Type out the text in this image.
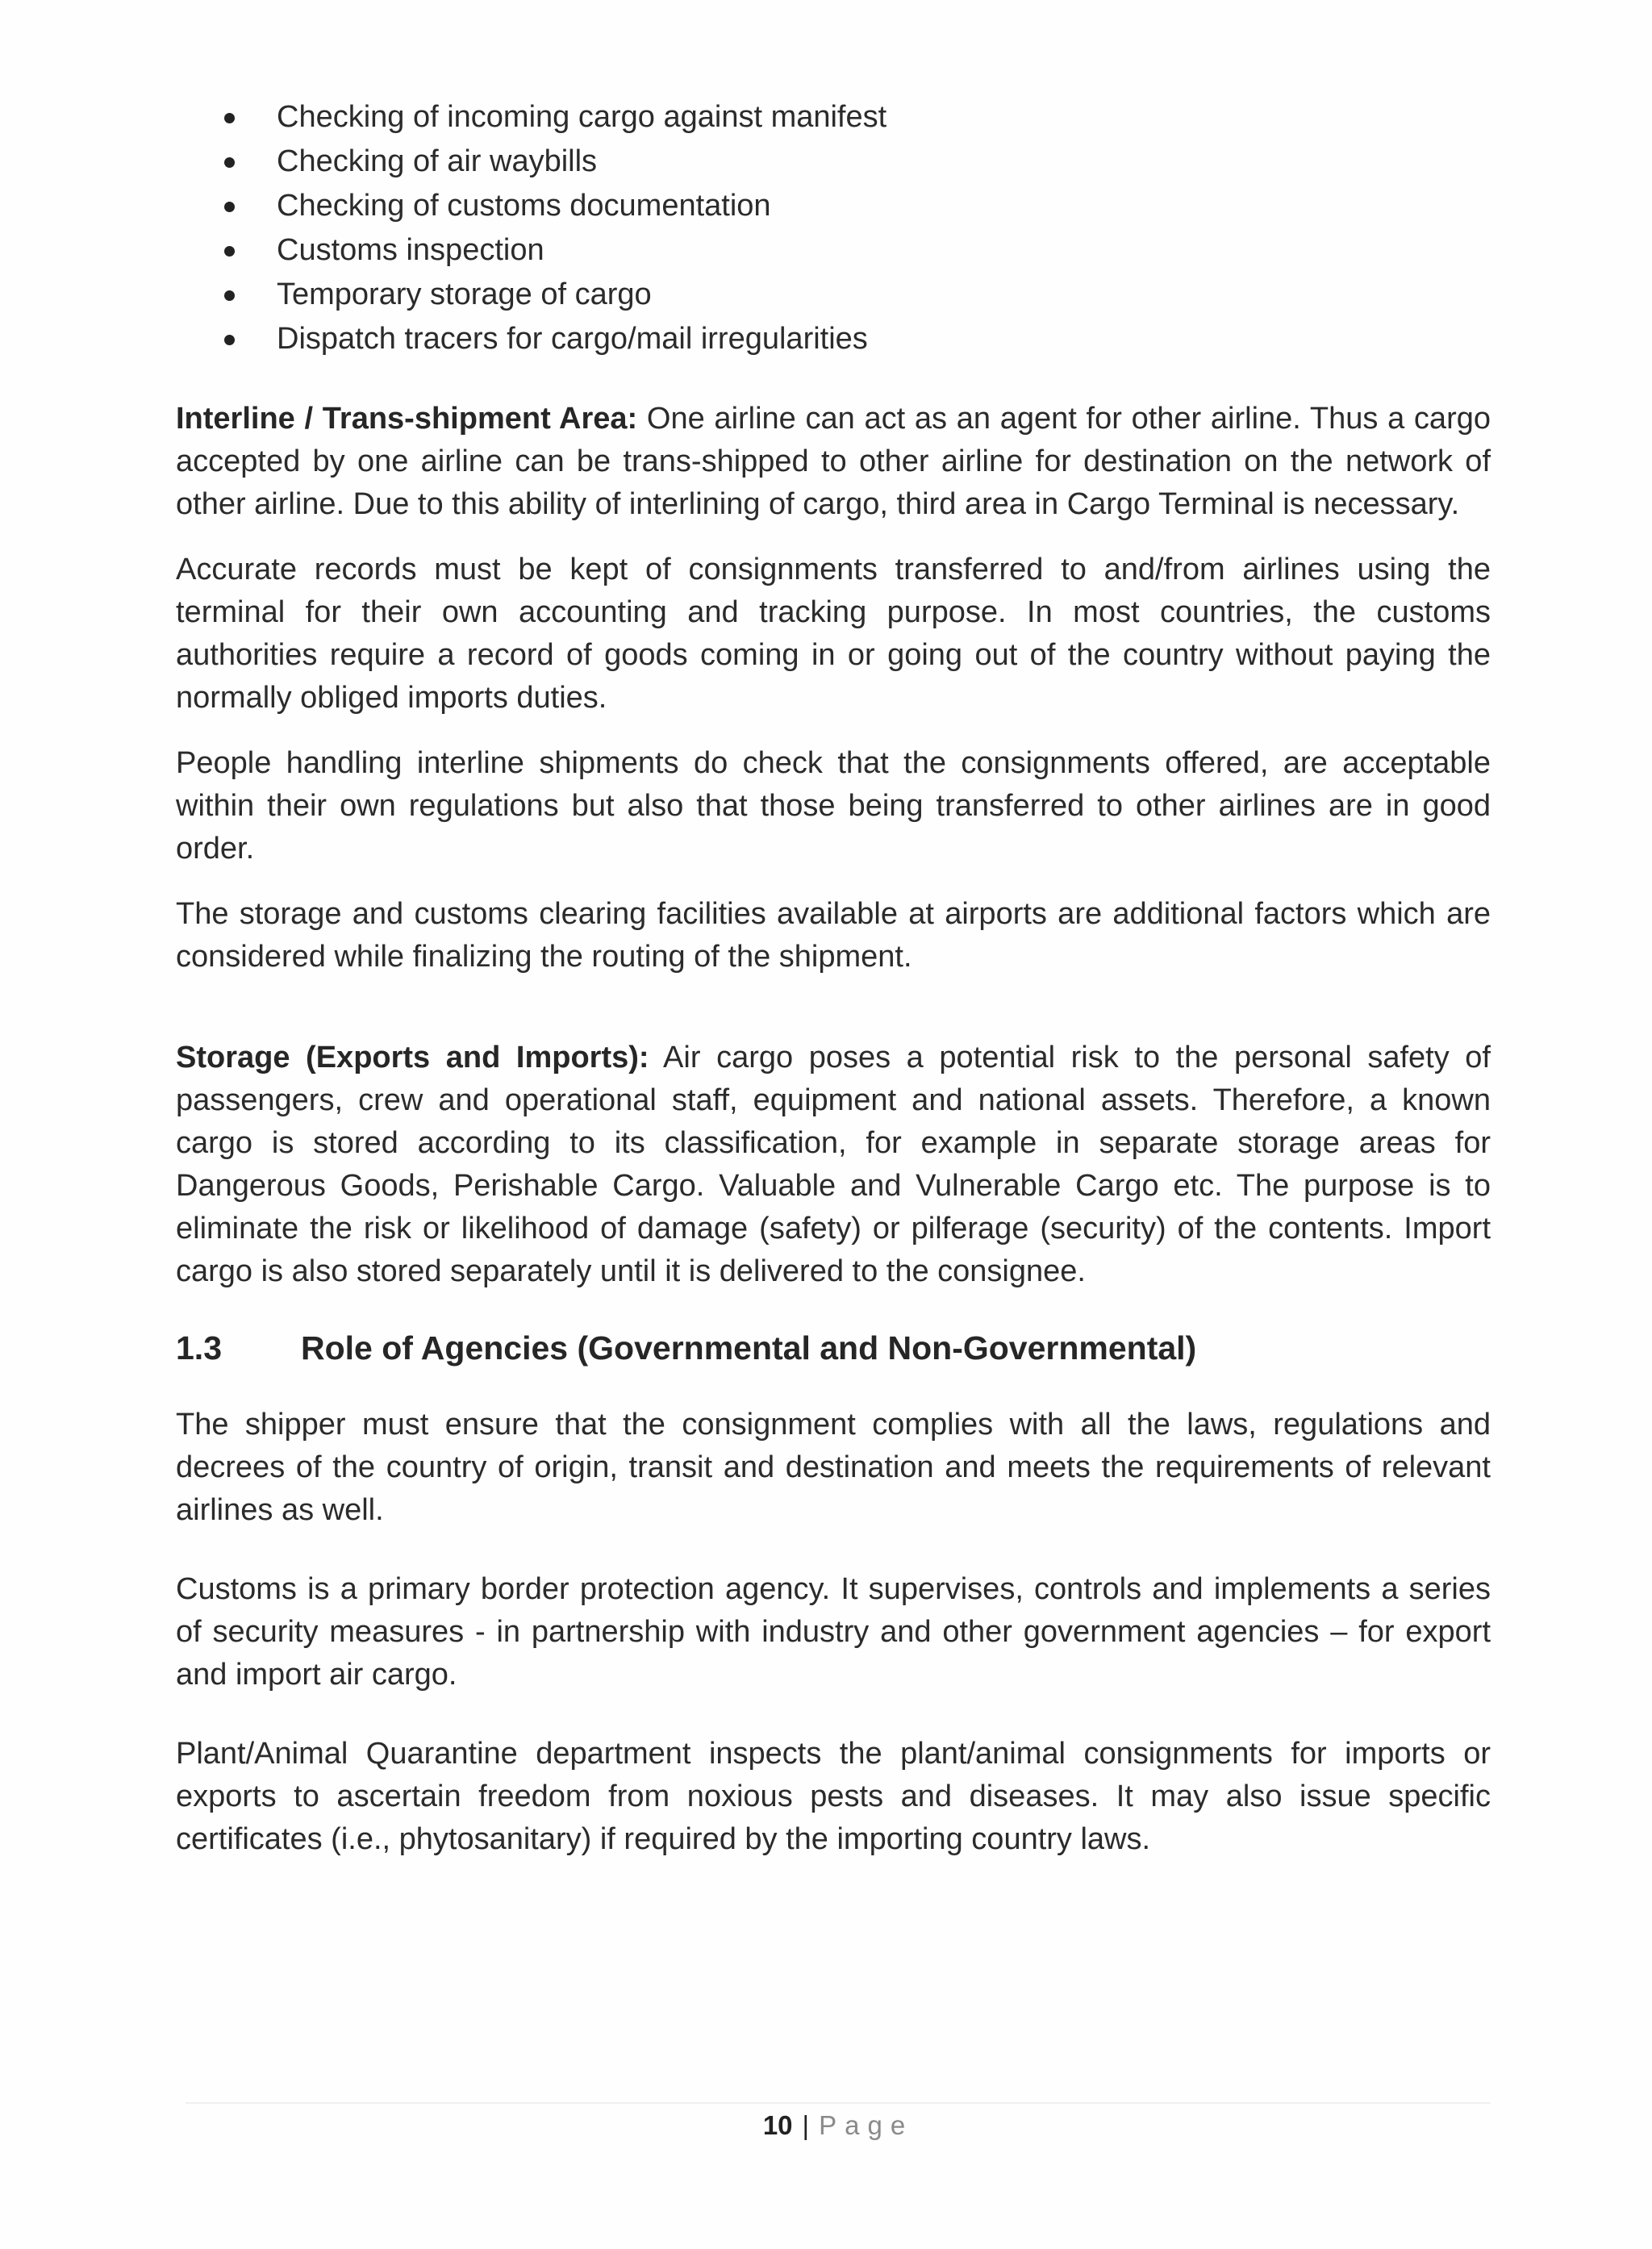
Checking of incoming cargo against manifest
Checking of air waybills
Checking of customs documentation
Customs inspection
Temporary storage of cargo
Dispatch tracers for cargo/mail irregularities

Interline / Trans-shipment Area: One airline can act as an agent for other airline. Thus a cargo accepted by one airline can be trans-shipped to other airline for destination on the network of other airline. Due to this ability of interlining of cargo, third area in Cargo Terminal is necessary.

Accurate records must be kept of consignments transferred to and/from airlines using the terminal for their own accounting and tracking purpose. In most countries, the customs authorities require a record of goods coming in or going out of the country without paying the normally obliged imports duties.

People handling interline shipments do check that the consignments offered, are acceptable within their own regulations but also that those being transferred to other airlines are in good order.

The storage and customs clearing facilities available at airports are additional factors which are considered while finalizing the routing of the shipment.

Storage (Exports and Imports): Air cargo poses a potential risk to the personal safety of passengers, crew and operational staff, equipment and national assets. Therefore, a known cargo is stored according to its classification, for example in separate storage areas for Dangerous Goods, Perishable Cargo. Valuable and Vulnerable Cargo etc. The purpose is to eliminate the risk or likelihood of damage (safety) or pilferage (security) of the contents. Import cargo is also stored separately until it is delivered to the consignee.

1.3	Role of Agencies (Governmental and Non-Governmental)

The shipper must ensure that the consignment complies with all the laws, regulations and decrees of the country of origin, transit and destination and meets the requirements of relevant airlines as well.

Customs is a primary border protection agency. It supervises, controls and implements a series of security measures - in partnership with industry and other government agencies – for export and import air cargo.

Plant/Animal Quarantine department inspects the plant/animal consignments for imports or exports to ascertain freedom from noxious pests and diseases. It may also issue specific certificates (i.e., phytosanitary) if required by the importing country laws.

10 | Page
